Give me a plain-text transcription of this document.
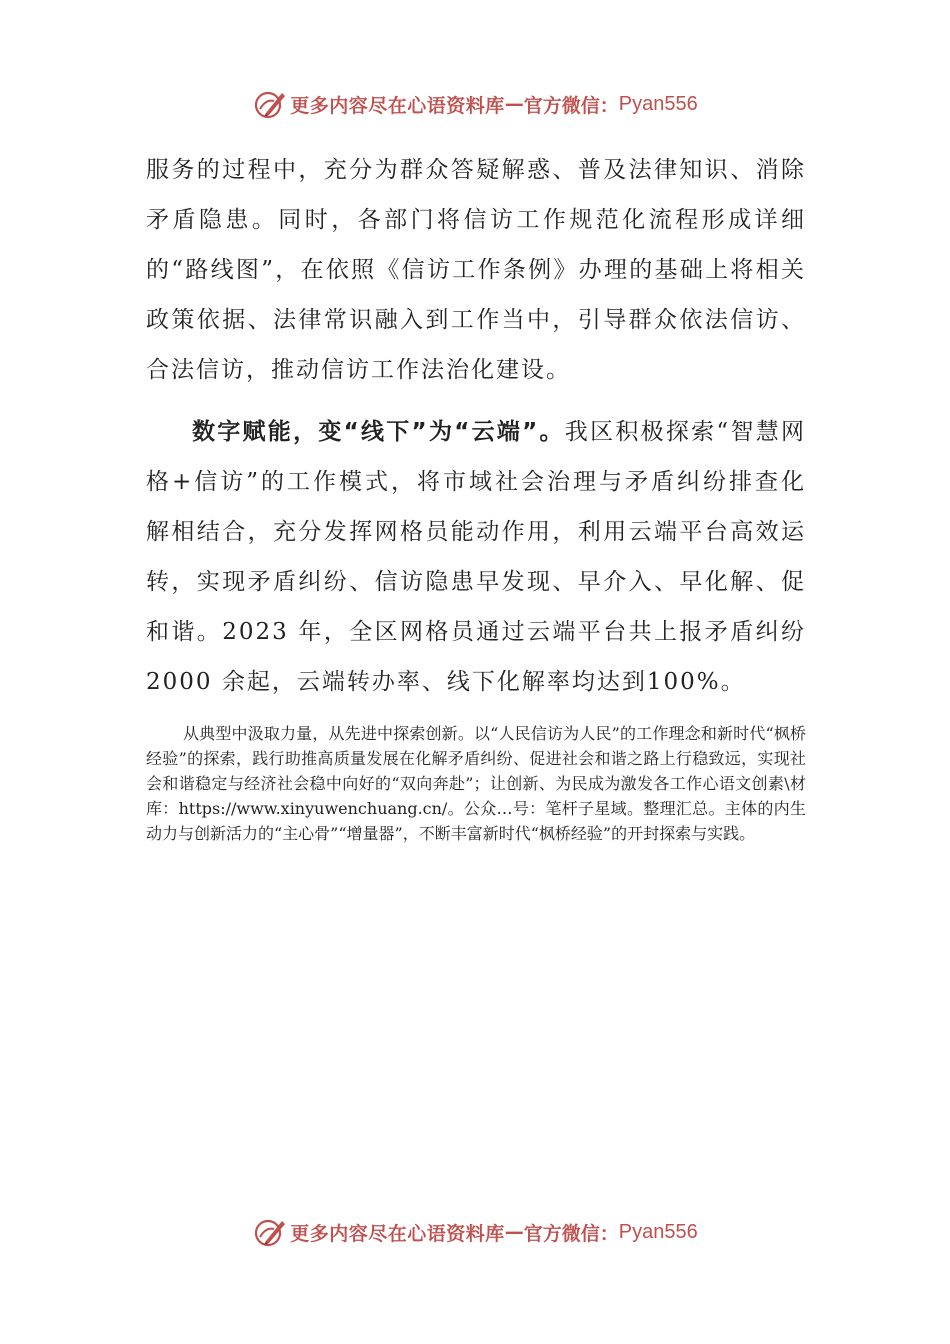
更多内容尽在心语资料库 — 官方微信： Pyan556

服务的过程中，充分为群众答疑解惑、普及法律知识、消除矛盾隐患。同时，各部门将信访工作规范化流程形成详细的“路线图”，在依照《信访工作条例》办理的基础上将相关政策依据、法律常识融入到工作当中，引导群众依法信访、合法信访，推动信访工作法治化建设。

数字赋能，变“线下”为“云端”。我区积极探索“智慧网格+信访”的工作模式，将市域社会治理与矛盾纠纷排查化解相结合，充分发挥网格员能动作用，利用云端平台高效运转，实现矛盾纠纷、信访隐患早发现、早介入、早化解、促和谐。2023 年，全区网格员通过云端平台共上报矛盾纠纷 2000 余起，云端转办率、线下化解率均达到100%。

从典型中汲取力量，从先进中探索创新。以“人民信访为人民”的工作理念和新时代“枫桥经验”的探索，践行助推高质量发展在化解矛盾纠纷、促进社会和谐之路上行稳致远，实现社会和谐稳定与经济社会稳中向好的“双向奔赴”；让创新、为民成为激发各工作心语文创素\材库：https://www.xinyuwenchuang.cn/。公众…号：笔杆子星域。整理汇总。主体的内生动力与创新活力的“主心骨”“增量器”，不断丰富新时代“枫桥经验”的开封探索与实践。

更多内容尽在心语资料库 — 官方微信： Pyan556
